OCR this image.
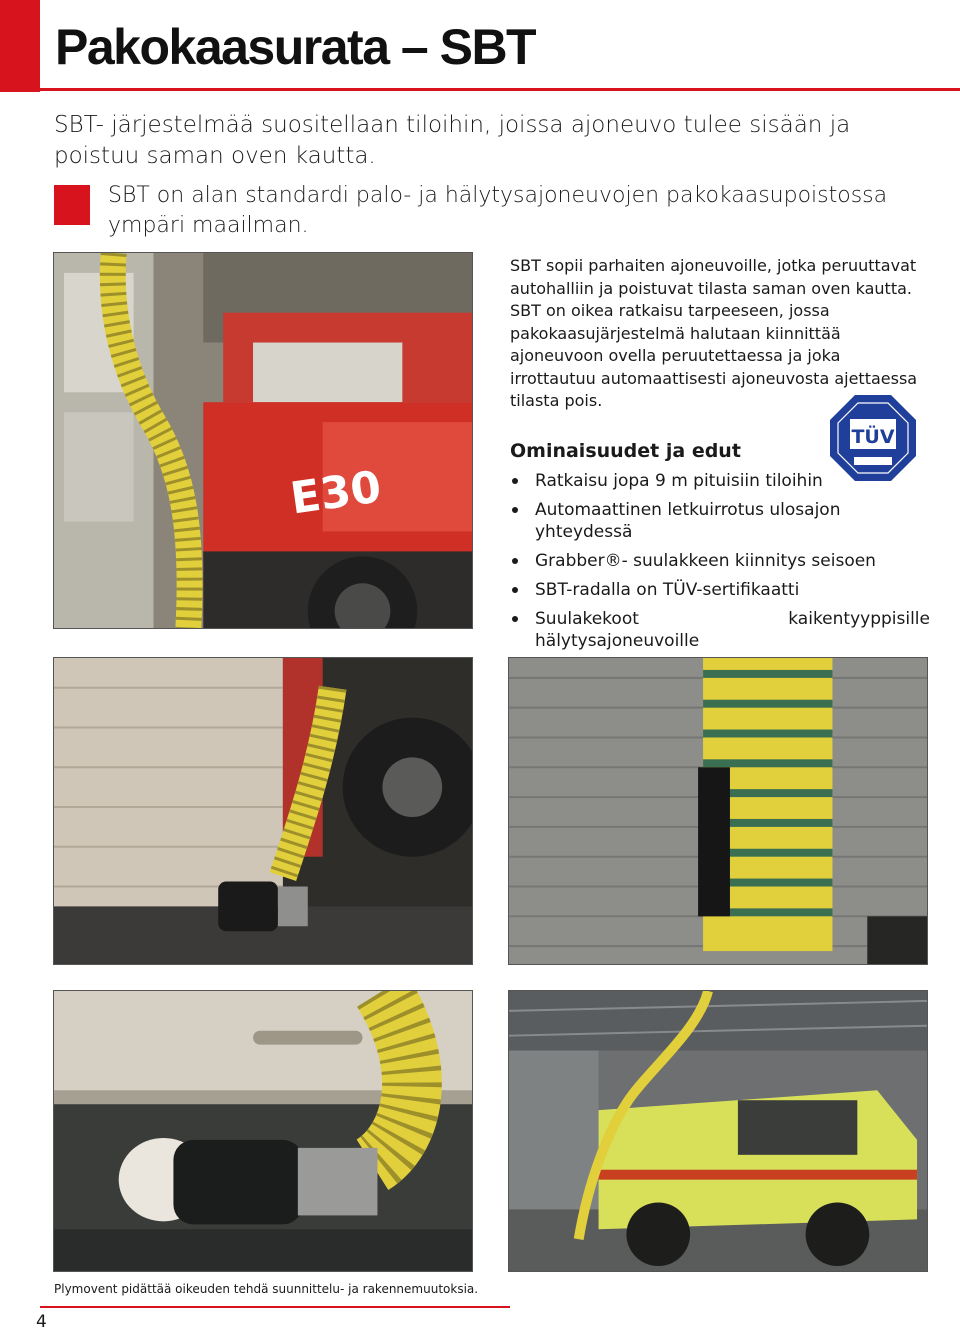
Pakokaasurata – SBT
SBT- järjestelmää suositellaan tiloihin, joissa ajoneuvo tulee sisään ja poistuu saman oven kautta.
SBT on alan standardi palo- ja hälytysajoneuvojen pakokaasupoistossa ympäri maailman.
E30

SBT sopii parhaiten ajoneuvoille, jotka peruuttavat autohalliin ja poistuvat tilasta saman oven kautta. SBT on oikea ratkaisu tarpeeseen, jossa pakokaasujärjestelmä halutaan kiinnittää ajoneuvoon ovella peruutettaessa ja joka irrottautuu automaattisesti ajoneuvosta ajettaessa tilasta pois.

TÜV
Ominaisuudet ja edut
Ratkaisu jopa 9 m pituisiin tiloihin
Automaattinen letkuirrotus ulosajon yhteydessä
Grabber®- suulakkeen kiinnitys seisoen
SBT-radalla on TÜV-sertifikaatti
Suulakekoot kaikentyyppisille hälytysajoneuvoille
Plymovent pidättää oikeuden tehdä suunnittelu- ja rakennemuutoksia.
4
